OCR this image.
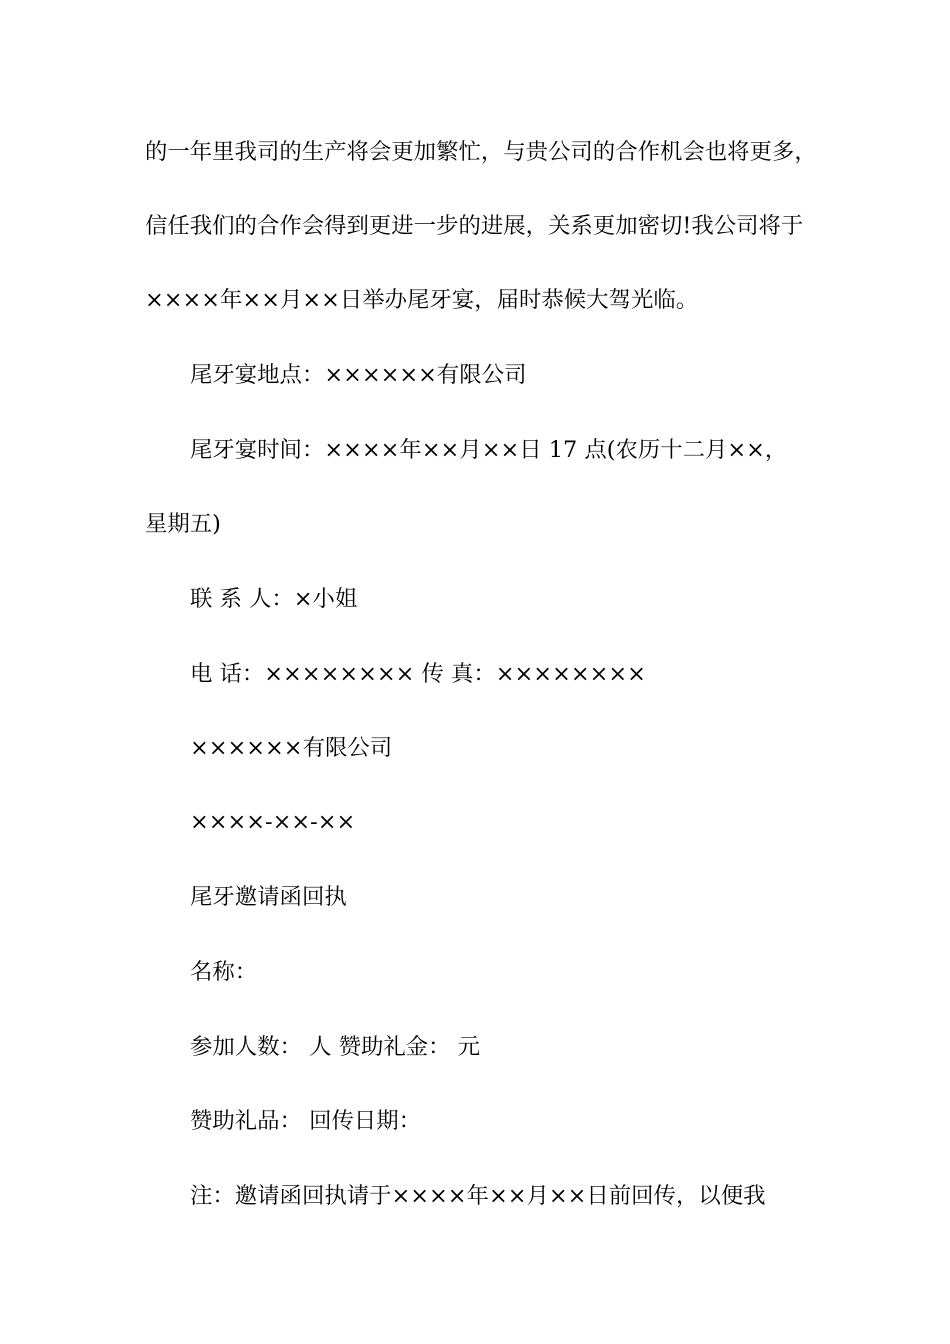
的一年里我司的生产将会更加繁忙，与贵公司的合作机会也将更多，
信任我们的合作会得到更进一步的进展，关系更加密切!我公司将于
××××年××月××日举办尾牙宴，届时恭候大驾光临。
尾牙宴地点：××××××有限公司
尾牙宴时间：××××年××月××日 17 点(农历十二月××，
星期五)
联 系 人：×小姐
电 话：×××××××× 传 真：××××××××
××××××有限公司
××××-××-××
尾牙邀请函回执
名称：
参加人数： 人 赞助礼金： 元
赞助礼品： 回传日期：
注：邀请函回执请于××××年××月××日前回传，以便我
